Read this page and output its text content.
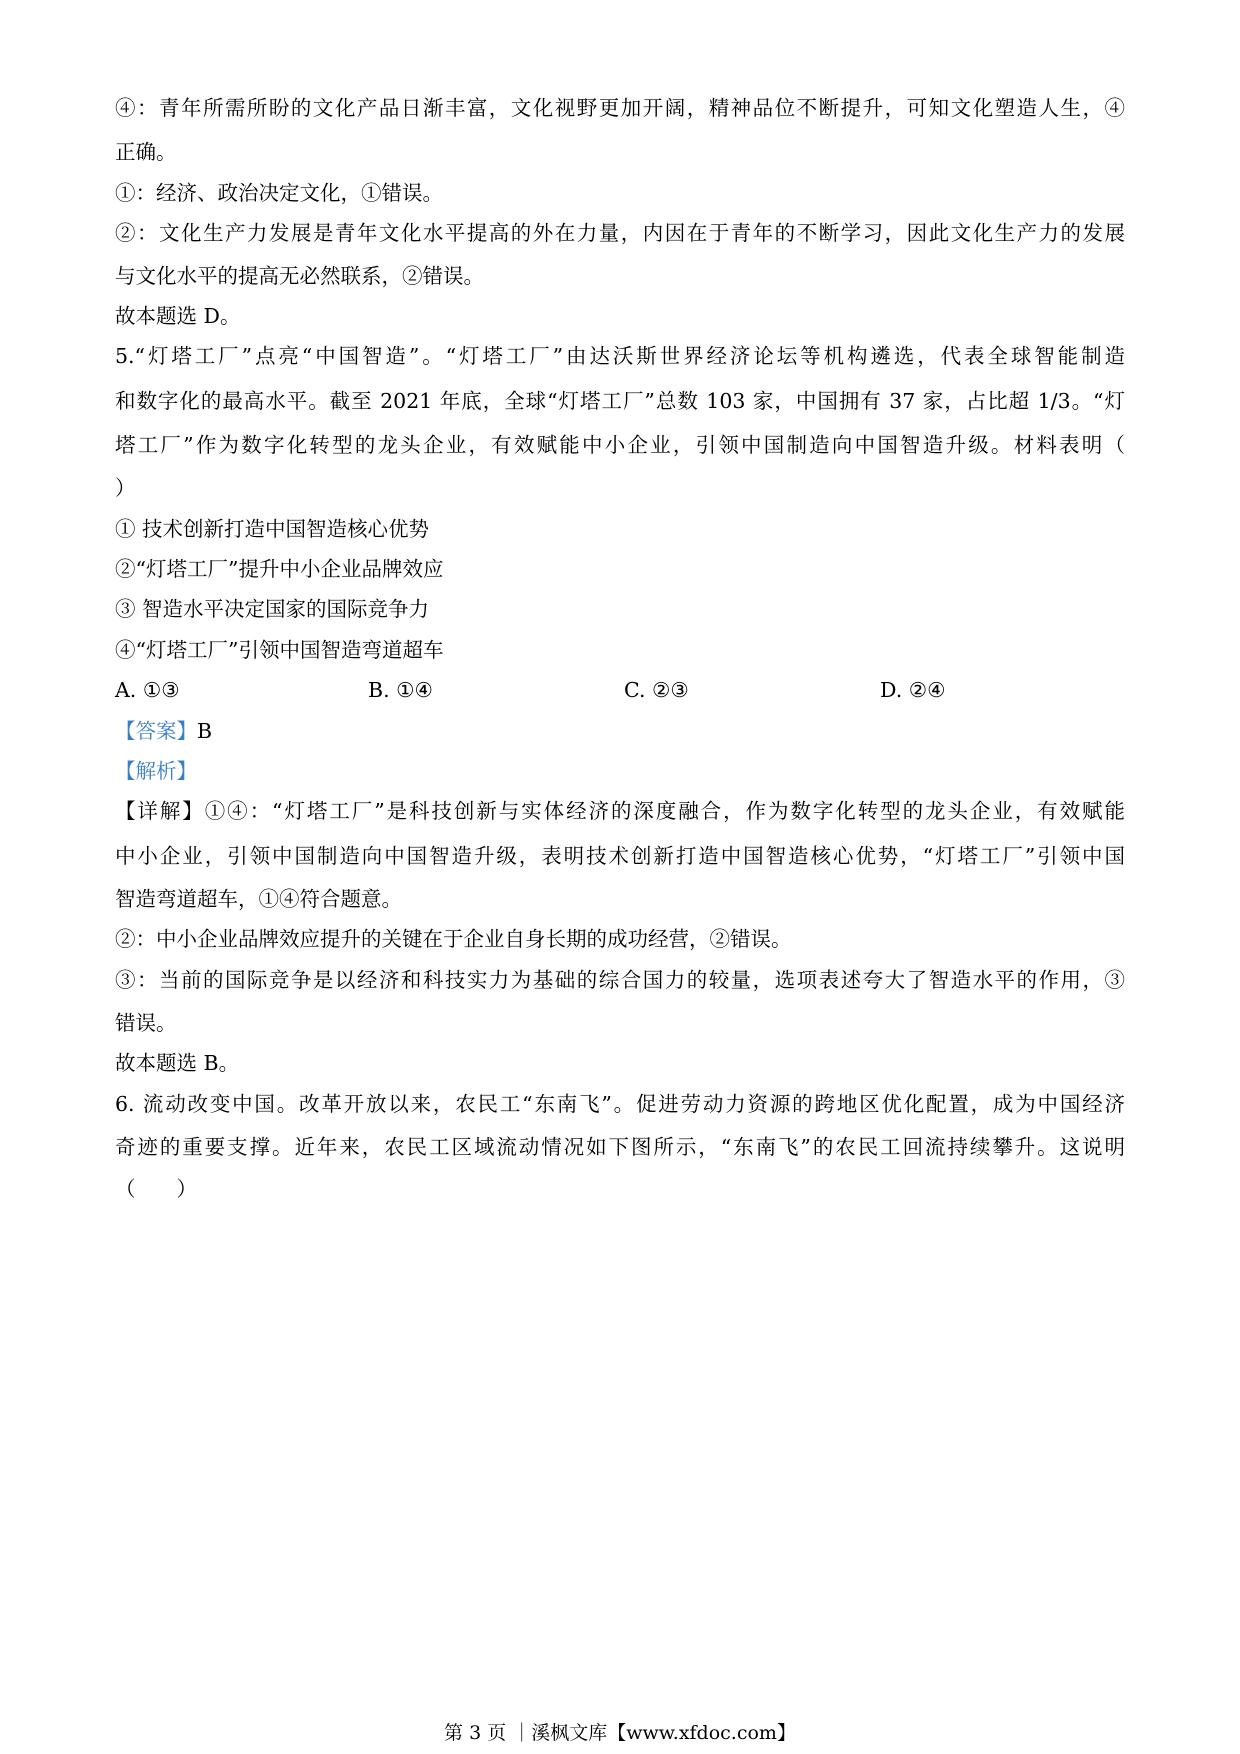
④：青年所需所盼的文化产品日渐丰富，文化视野更加开阔，精神品位不断提升，可知文化塑造人生，④
正确。
①：经济、政治决定文化，①错误。
②：文化生产力发展是青年文化水平提高的外在力量，内因在于青年的不断学习，因此文化生产力的发展
与文化水平的提高无必然联系，②错误。
故本题选 D。
5.“灯塔工厂”点亮“中国智造”。“灯塔工厂”由达沃斯世界经济论坛等机构遴选，代表全球智能制造
和数字化的最高水平。截至 2021 年底，全球“灯塔工厂”总数 103 家，中国拥有 37 家，占比超 1/3。“灯
塔工厂”作为数字化转型的龙头企业，有效赋能中小企业，引领中国制造向中国智造升级。材料表明（
）
① 技术创新打造中国智造核心优势
②“灯塔工厂”提升中小企业品牌效应
③ 智造水平决定国家的国际竞争力
④“灯塔工厂”引领中国智造弯道超车
A. ①③	B. ①④	C. ②③	D. ②④
【答案】B
【解析】
【详解】①④：“灯塔工厂”是科技创新与实体经济的深度融合，作为数字化转型的龙头企业，有效赋能
中小企业，引领中国制造向中国智造升级，表明技术创新打造中国智造核心优势，“灯塔工厂”引领中国
智造弯道超车，①④符合题意。
②：中小企业品牌效应提升的关键在于企业自身长期的成功经营，②错误。
③：当前的国际竞争是以经济和科技实力为基础的综合国力的较量，选项表述夸大了智造水平的作用，③
错误。
故本题选 B。
6. 流动改变中国。改革开放以来，农民工“东南飞”。促进劳动力资源的跨地区优化配置，成为中国经济
奇迹的重要支撑。近年来，农民工区域流动情况如下图所示，“东南飞”的农民工回流持续攀升。这说明
（　　）
第 3 页 ｜溪枫文库【www.xfdoc.com】
